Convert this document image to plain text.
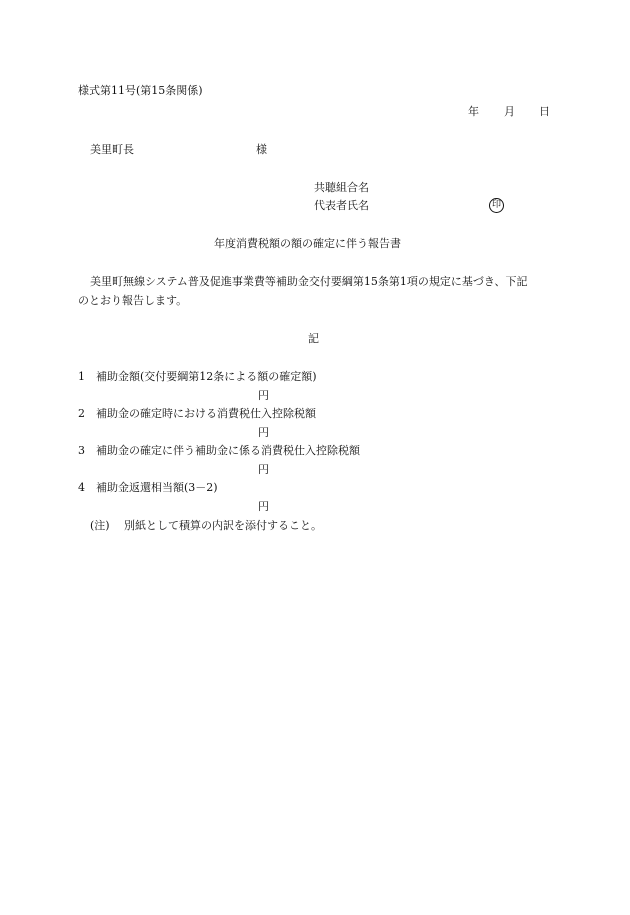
様式第11号(第15条関係)
年 月 日
美里町長	様
共聴組合名
代表者氏名	印
年度消費税額の額の確定に伴う報告書
美里町無線システム普及促進事業費等補助金交付要綱第15条第1項の規定に基づき、下記
のとおり報告します。
記
1 補助金額(交付要綱第12条による額の確定額)
円
2 補助金の確定時における消費税仕入控除税額
円
3 補助金の確定に伴う補助金に係る消費税仕入控除税額
円
4 補助金返還相当額(3－2)
円
(注) 別紙として積算の内訳を添付すること。
